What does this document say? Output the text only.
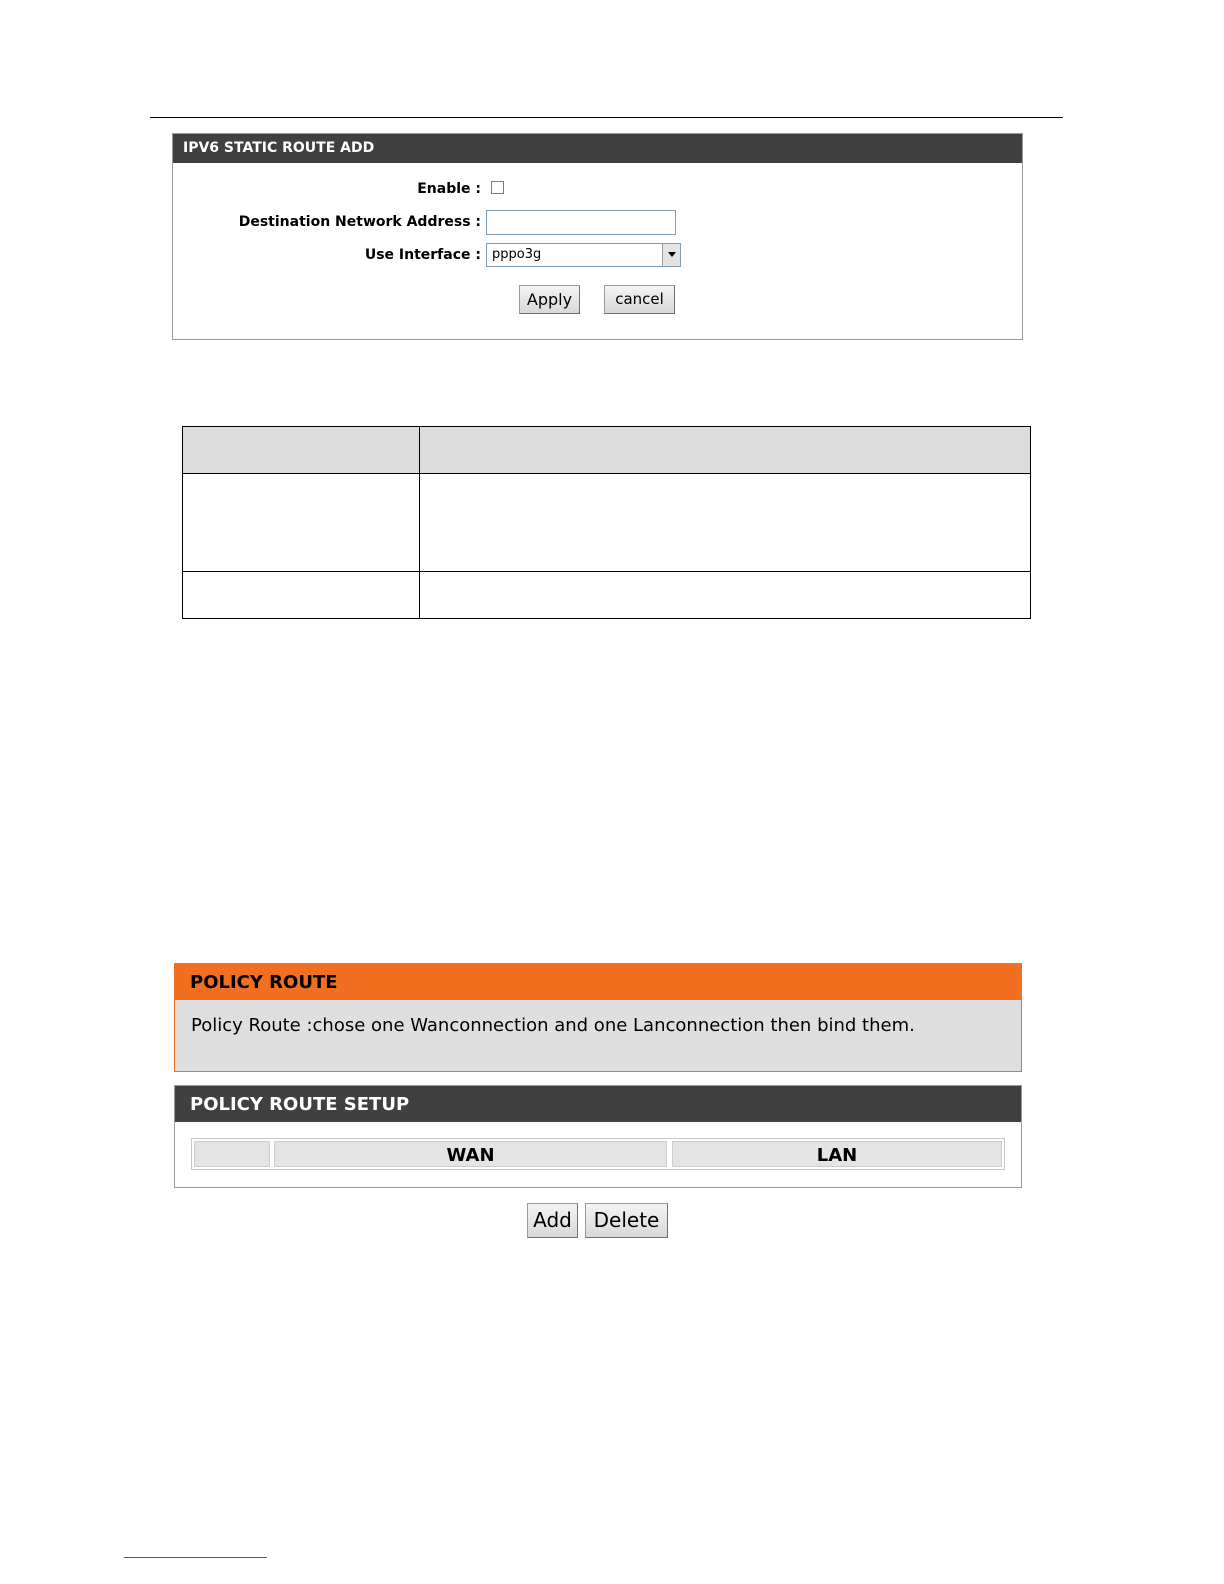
IPV6 STATIC ROUTE ADD
Enable :
Destination Network Address :
Use Interface : pppo3g
Apply	cancel
POLICY ROUTE
Policy Route :chose one Wanconnection and one Lanconnection then bind them.
POLICY ROUTE SETUP
WAN	LAN
Add	Delete
